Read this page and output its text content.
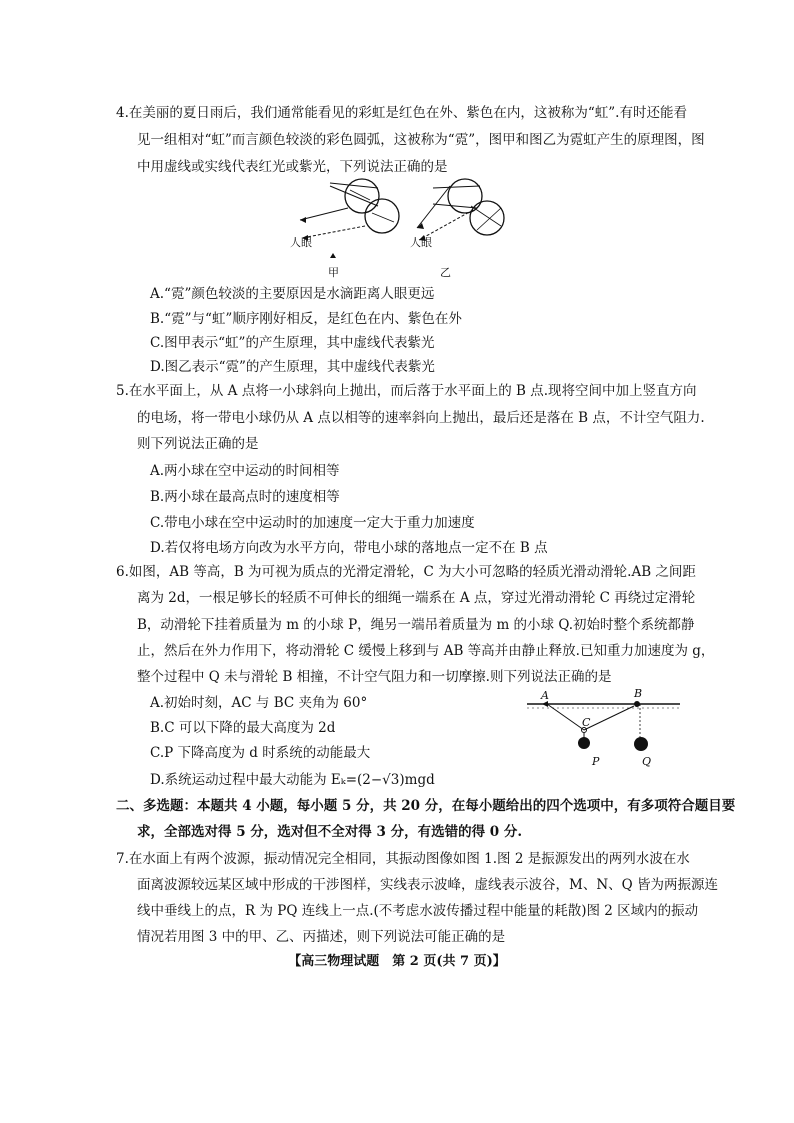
4.在美丽的夏日雨后，我们通常能看见的彩虹是红色在外、紫色在内，这被称为“虹”.有时还能看
见一组相对“虹”而言颜色较淡的彩色圆弧，这被称为“霓”，图甲和图乙为霓虹产生的原理图，图
中用虚线或实线代表红光或紫光，下列说法正确的是
人眼
甲
人眼
乙
A.“霓”颜色较淡的主要原因是水滴距离人眼更远
B.“霓”与“虹”顺序刚好相反，是红色在内、紫色在外
C.图甲表示“虹”的产生原理，其中虚线代表紫光
D.图乙表示“霓”的产生原理，其中虚线代表紫光
5.在水平面上，从 A 点将一小球斜向上抛出，而后落于水平面上的 B 点.现将空间中加上竖直方向
的电场，将一带电小球仍从 A 点以相等的速率斜向上抛出，最后还是落在 B 点，不计空气阻力.
则下列说法正确的是
A.两小球在空中运动的时间相等
B.两小球在最高点时的速度相等
C.带电小球在空中运动时的加速度一定大于重力加速度
D.若仅将电场方向改为水平方向，带电小球的落地点一定不在 B 点
6.如图，AB 等高，B 为可视为质点的光滑定滑轮，C 为大小可忽略的轻质光滑动滑轮.AB 之间距
离为 2d，一根足够长的轻质不可伸长的细绳一端系在 A 点，穿过光滑动滑轮 C 再绕过定滑轮
B，动滑轮下挂着质量为 m 的小球 P，绳另一端吊着质量为 m 的小球 Q.初始时整个系统都静
止，然后在外力作用下，将动滑轮 C 缓慢上移到与 AB 等高并由静止释放.已知重力加速度为 g，
整个过程中 Q 未与滑轮 B 相撞，不计空气阻力和一切摩擦.则下列说法正确的是
A.初始时刻，AC 与 BC 夹角为 60°
B.C 可以下降的最大高度为 2d
C.P 下降高度为 d 时系统的动能最大
D.系统运动过程中最大动能为 Eₖ=(2−√3)mgd
A	B
C
P	Q
二、多选题：本题共 4 小题，每小题 5 分，共 20 分，在每小题给出的四个选项中，有多项符合题目要
求，全部选对得 5 分，选对但不全对得 3 分，有选错的得 0 分.
7.在水面上有两个波源，振动情况完全相同，其振动图像如图 1.图 2 是振源发出的两列水波在水
面离波源较远某区域中形成的干涉图样，实线表示波峰，虚线表示波谷，M、N、Q 皆为两振源连
线中垂线上的点，R 为 PQ 连线上一点.(不考虑水波传播过程中能量的耗散)图 2 区域内的振动
情况若用图 3 中的甲、乙、丙描述，则下列说法可能正确的是
【高三物理试题　第 2 页(共 7 页)】
